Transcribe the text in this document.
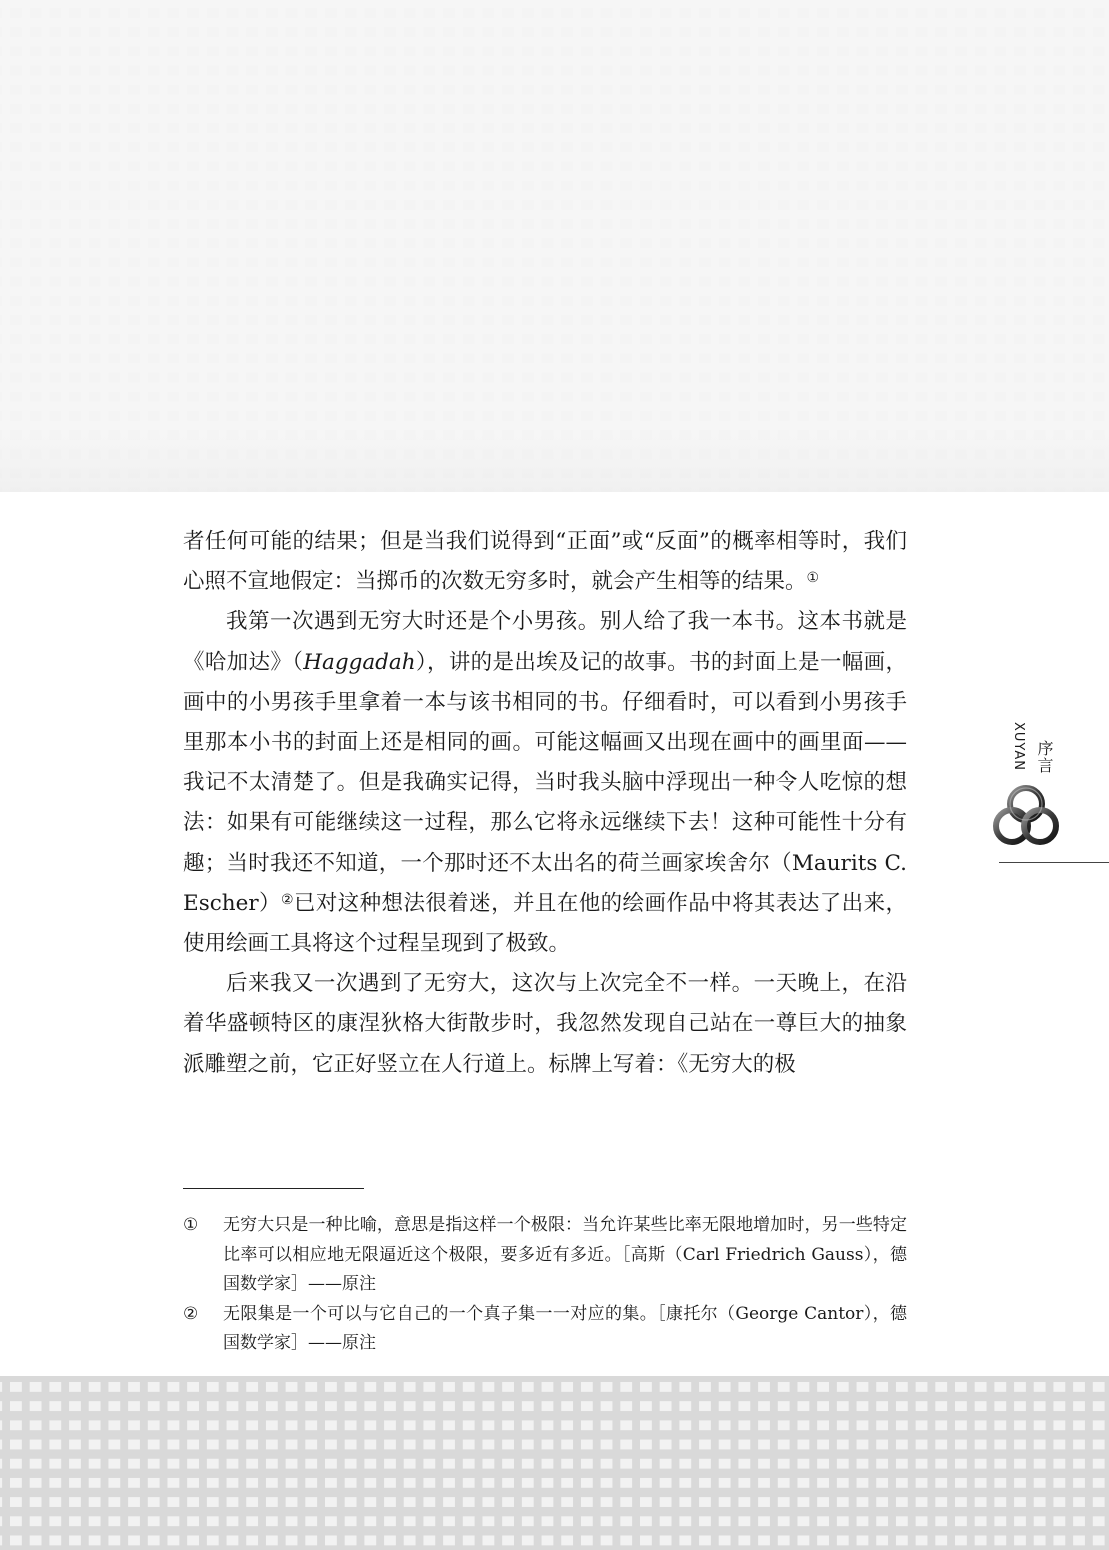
者任何可能的结果；但是当我们说得到“正面”或“反面”的概率相等时，我们心照不宣地假定：当掷币的次数无穷多时，就会产生相等的结果。①

我第一次遇到无穷大时还是个小男孩。别人给了我一本书。这本书就是《哈加达》（Haggadah），讲的是出埃及记的故事。书的封面上是一幅画，画中的小男孩手里拿着一本与该书相同的书。仔细看时，可以看到小男孩手里那本小书的封面上还是相同的画。可能这幅画又出现在画中的画里面——我记不太清楚了。但是我确实记得，当时我头脑中浮现出一种令人吃惊的想法：如果有可能继续这一过程，那么它将永远继续下去！这种可能性十分有趣；当时我还不知道，一个那时还不太出名的荷兰画家埃舍尔（Maurits C. Escher）②已对这种想法很着迷，并且在他的绘画作品中将其表达了出来，使用绘画工具将这个过程呈现到了极致。

后来我又一次遇到了无穷大，这次与上次完全不一样。一天晚上，在沿着华盛顿特区的康涅狄格大街散步时，我忽然发现自己站在一尊巨大的抽象派雕塑之前，它正好竖立在人行道上。标牌上写着：《无穷大的极

XUYAN 序言
①	无穷大只是一种比喻，意思是指这样一个极限：当允许某些比率无限地增加时，另一些特定比率可以相应地无限逼近这个极限，要多近有多近。［高斯（Carl Friedrich Gauss），德国数学家］——原注
②	无限集是一个可以与它自己的一个真子集一一对应的集。［康托尔（George Cantor），德国数学家］——原注
